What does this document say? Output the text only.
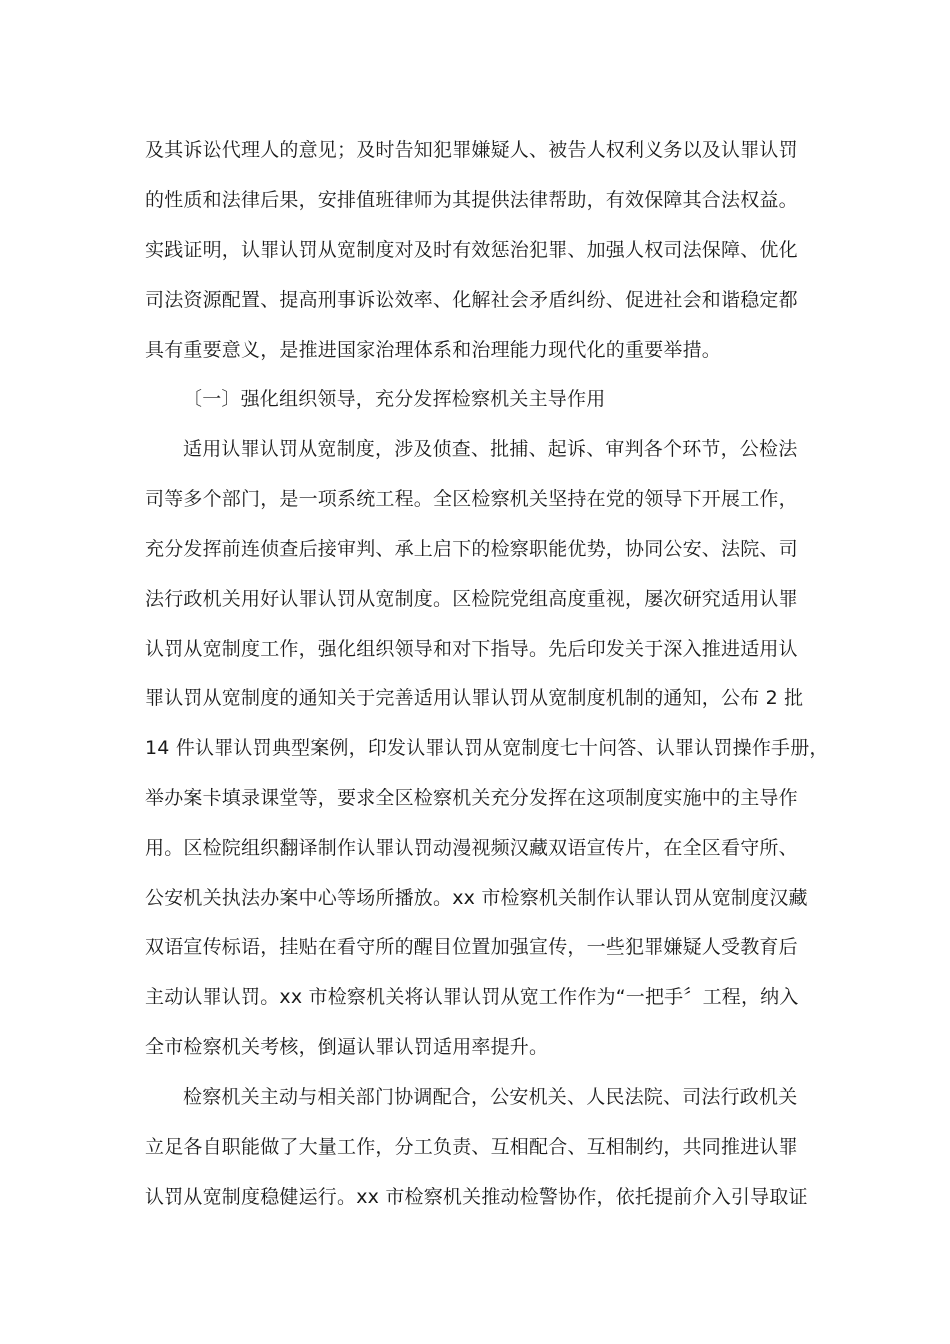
及其诉讼代理人的意见；及时告知犯罪嫌疑人、被告人权利义务以及认罪认罚
的性质和法律后果，安排值班律师为其提供法律帮助，有效保障其合法权益。
实践证明，认罪认罚从宽制度对及时有效惩治犯罪、加强人权司法保障、优化
司法资源配置、提高刑事诉讼效率、化解社会矛盾纠纷、促进社会和谐稳定都
具有重要意义，是推进国家治理体系和治理能力现代化的重要举措。
〔一〕强化组织领导，充分发挥检察机关主导作用
适用认罪认罚从宽制度，涉及侦查、批捕、起诉、审判各个环节，公检法
司等多个部门，是一项系统工程。全区检察机关坚持在党的领导下开展工作，
充分发挥前连侦查后接审判、承上启下的检察职能优势，协同公安、法院、司
法行政机关用好认罪认罚从宽制度。区检院党组高度重视，屡次研究适用认罪
认罚从宽制度工作，强化组织领导和对下指导。先后印发关于深入推进适用认
罪认罚从宽制度的通知关于完善适用认罪认罚从宽制度机制的通知，公布 2 批
14 件认罪认罚典型案例，印发认罪认罚从宽制度七十问答、认罪认罚操作手册，
举办案卡填录课堂等，要求全区检察机关充分发挥在这项制度实施中的主导作
用。区检院组织翻译制作认罪认罚动漫视频汉藏双语宣传片，在全区看守所、
公安机关执法办案中心等场所播放。xx 市检察机关制作认罪认罚从宽制度汉藏
双语宣传标语，挂贴在看守所的醒目位置加强宣传，一些犯罪嫌疑人受教育后
主动认罪认罚。xx 市检察机关将认罪认罚从宽工作作为“一把手〞工程，纳入
全市检察机关考核，倒逼认罪认罚适用率提升。
检察机关主动与相关部门协调配合，公安机关、人民法院、司法行政机关
立足各自职能做了大量工作，分工负责、互相配合、互相制约，共同推进认罪
认罚从宽制度稳健运行。xx 市检察机关推动检警协作，依托提前介入引导取证
